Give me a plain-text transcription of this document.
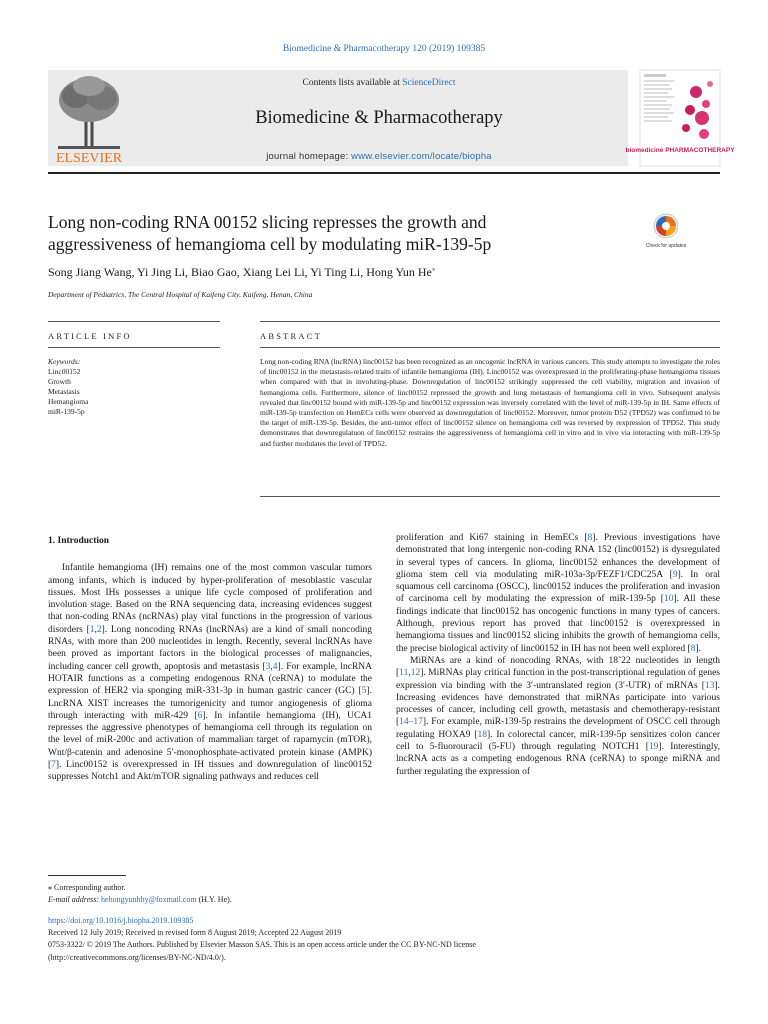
Biomedicine & Pharmacotherapy 120 (2019) 109385
ELSEVIER
Contents lists available at ScienceDirect
Biomedicine & Pharmacotherapy
journal homepage: www.elsevier.com/locate/biopha
biomedicine PHARMACOTHERAPY
Long non-coding RNA 00152 slicing represses the growth and
aggressiveness of hemangioma cell by modulating miR-139-5p	Check for updates
Song Jiang Wang, Yi Jing Li, Biao Gao, Xiang Lei Li, Yi Ting Li, Hong Yun He⁎
Department of Pediatrics, The Central Hospital of Kaifeng City, Kaifeng, Henan, China
ARTICLE INFO	ABSTRACT
Keywords:
Linc00152
Growth
Metastasis
Hemangioma
miR-139-5p
Long non-coding RNA (lncRNA) linc00152 has been recognized as an oncogenic lncRNA in various cancers. This study attempts to investigate the roles of linc00152 in the metastasis-related traits of infantile hemangioma (IH). Linc00152 was overexpressed in the proliferating-phase hemangioma tissues when compared with that in involuting-phase. Downregulation of linc00152 strikingly suppressed the cell viability, migration and invasion of hemangioma cells. Furthermore, silence of linc00152 repressed the growth and lung metastasis of hemangioma cell in vivo. Subsequent analysis revealed that linc00152 bound with miR-139-5p and linc00152 expression was inversely correlated with the level of miR-139-5p in IH. Same effects of miR-139-5p transfection on HemECs cells were observed as downregulation of linc00152. Moreover, tumor protein D52 (TPD52) was confirmed to be the target of miR-139-5p. Besides, the anti-tumor effect of linc00152 silence on hemangioma cell was reversed by rexpression of TPD52. This study demonstrates that downregulatuon of linc00152 restrains the aggressiveness of hemangioma cell in vitro and in vivo via interacting with miR-139-5p and further modulates the level of TPD52.
1. Introduction

Infantile hemangioma (IH) remains one of the most common vascular tumors among infants, which is induced by hyper-proliferation of mesoblastic vascular tissues. Most IHs possesses a unique life cycle composed of proliferation and involution stage. Based on the RNA sequencing data, increasing evidences suggest that non-coding RNAs (ncRNAs) play vital functions in the progression of various disorders [1,2]. Long noncoding RNAs (lncRNAs) are a kind of small noncoding RNAs, with more than 200 nucleotides in length. Recently, several lncRNAs have been proved as important factors in the biological processes of malignancies, including cancer cell growth, apoptosis and metastasis [3,4]. For example, lncRNA HOTAIR functions as a competing endogenous RNA (ceRNA) to modulate the expression of HER2 via sponging miR-331-3p in human gastric cancer (GC) [5]. LncRNA XIST increases the tumorigenicity and tumor angiogenesis of glioma through interacting with miR-429 [6]. In infantile hemangioma (IH), UCA1 represses the aggressive phenotypes of hemangioma cell through its regulation on the level of miR-200c and activation of mammalian target of rapamycin (mTOR), Wnt/β-catenin and adenosine 5′-monophosphate-activated protein kinase (AMPK) [7]. Linc00152 is overexpressed in IH tissues and downregulation of linc00152 suppresses Notch1 and Akt/mTOR signaling pathways and reduces cell

proliferation and Ki67 staining in HemECs [8]. Previous investigations have demonstrated that long intergenic non-coding RNA 152 (linc00152) is dysregulated in several types of cancers. In glioma, linc00152 enhances the development of glioma stem cell via modulating miR-103a-3p/FEZF1/CDC25A [9]. In oral squamous cell carcinoma (OSCC), linc00152 induces the proliferation and invasion of carcinoma cell by modulating the expression of miR-139-5p [10]. All these findings indicate that linc00152 has oncogenic functions in many types of cancers. Although, previous report has proved that linc00152 is overexpressed in hemangioma tissues and linc00152 slicing inhibits the growth of hemangioma cells, the precise biological activity of linc00152 in IH has not been well explored [8].

MiRNAs are a kind of noncoding RNAs, with 18˜22 nucleotides in length [11,12]. MiRNAs play critical function in the post-transcriptional regulation of genes expression via binding with the 3′-untranslated region (3′-UTR) of mRNAs [13]. Increasing evidences have demonstrated that miRNAs participate into various processes of cancer, including cell growth, metastasis and chemotherapy-resistant [14–17]. For example, miR-139-5p restrains the development of OSCC cell through regulating HOXA9 [18]. In colorectal cancer, miR-139-5p sensitizes colon cancer cell to 5-fluorouracil (5-FU) through regulating NOTCH1 [19]. Interestingly, lncRNA acts as a competing endogenous RNA (ceRNA) to sponge miRNA and further regulating the expression of

⁎ Corresponding author.
E-mail address: hehongyunhhy@foxmail.com (H.Y. He).
https://doi.org/10.1016/j.biopha.2019.109385
Received 12 July 2019; Received in revised form 8 August 2019; Accepted 22 August 2019
0753-3322/ © 2019 The Authors. Published by Elsevier Masson SAS. This is an open access article under the CC BY-NC-ND license
(http://creativecommons.org/licenses/BY-NC-ND/4.0/).
